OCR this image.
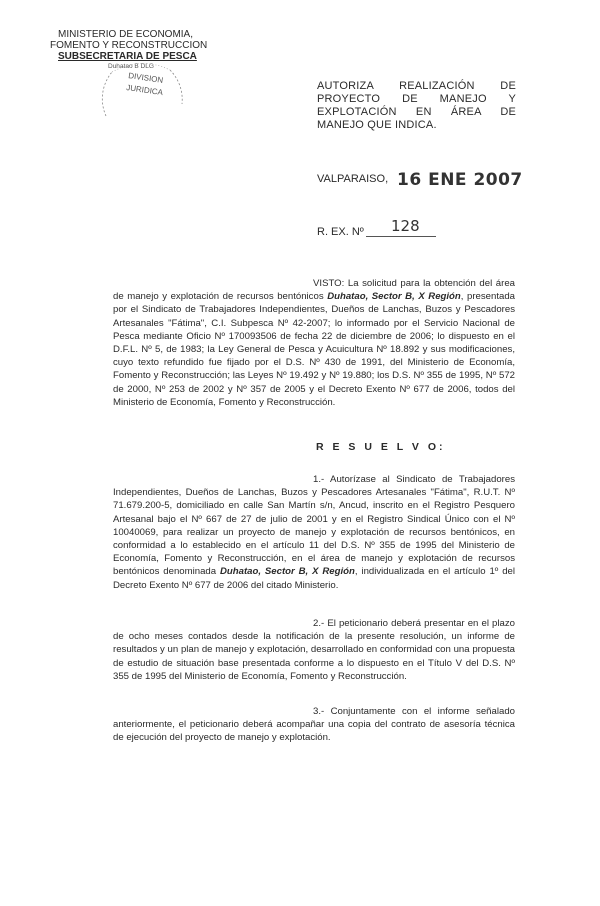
MINISTERIO DE ECONOMIA,
FOMENTO Y RECONSTRUCCION
SUBSECRETARIA DE PESCA
Duhatao B DLG
DIVISION
JURIDICA	AUTORIZA REALIZACIÓN DE PROYECTO DE MANEJO Y EXPLOTACIÓN EN ÁREA DE MANEJO QUE INDICA.
VALPARAISO, 16 ENE 2007
R. EX. Nº 128
VISTO: La solicitud para la obtención del área de manejo y explotación de recursos bentónicos Duhatao, Sector B, X Región, presentada por el Sindicato de Trabajadores Independientes, Dueños de Lanchas, Buzos y Pescadores Artesanales "Fátima", C.I. Subpesca Nº 42-2007; lo informado por el Servicio Nacional de Pesca mediante Oficio Nº 170093506 de fecha 22 de diciembre de 2006; lo dispuesto en el D.F.L. Nº 5, de 1983; la Ley General de Pesca y Acuicultura Nº 18.892 y sus modificaciones, cuyo texto refundido fue fijado por el D.S. Nº 430 de 1991, del Ministerio de Economía, Fomento y Reconstrucción; las Leyes Nº 19.492 y Nº 19.880; los D.S. Nº 355 de 1995, Nº 572 de 2000, Nº 253 de 2002 y Nº 357 de 2005 y el Decreto Exento Nº 677 de 2006, todos del Ministerio de Economía, Fomento y Reconstrucción.
R E S U E L V O:
1.- Autorízase al Sindicato de Trabajadores Independientes, Dueños de Lanchas, Buzos y Pescadores Artesanales "Fátima", R.U.T. Nº 71.679.200-5, domiciliado en calle San Martín s/n, Ancud, inscrito en el Registro Pesquero Artesanal bajo el Nº 667 de 27 de julio de 2001 y en el Registro Sindical Único con el Nº 10040069, para realizar un proyecto de manejo y explotación de recursos bentónicos, en conformidad a lo establecido en el artículo 11 del D.S. Nº 355 de 1995 del Ministerio de Economía, Fomento y Reconstrucción, en el área de manejo y explotación de recursos bentónicos denominada Duhatao, Sector B, X Región, individualizada en el artículo 1º del Decreto Exento Nº 677 de 2006 del citado Ministerio.
2.- El peticionario deberá presentar en el plazo de ocho meses contados desde la notificación de la presente resolución, un informe de resultados y un plan de manejo y explotación, desarrollado en conformidad con una propuesta de estudio de situación base presentada conforme a lo dispuesto en el Título V del D.S. Nº 355 de 1995 del Ministerio de Economía, Fomento y Reconstrucción.
3.- Conjuntamente con el informe señalado anteriormente, el peticionario deberá acompañar una copia del contrato de asesoría técnica de ejecución del proyecto de manejo y explotación.
